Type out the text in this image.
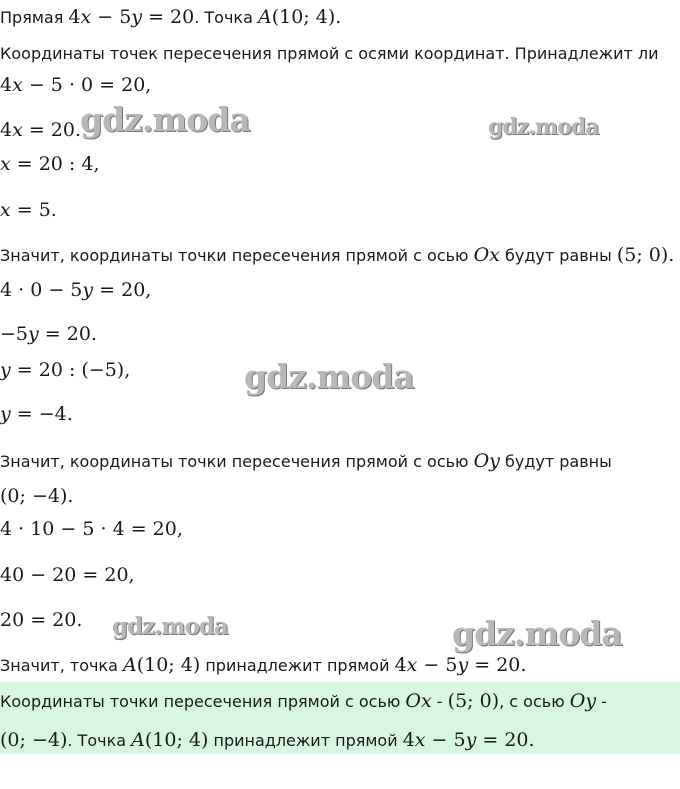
Прямая 4x − 5y = 20. Точка A(10; 4).
Координаты точек пересечения прямой с осями координат. Принадлежит ли
4x − 5 · 0 = 20,
4x = 20.
x = 20 : 4,
x = 5.
Значит, координаты точки пересечения прямой с осью Ox будут равны (5; 0).
4 · 0 − 5y = 20,
−5y = 20.
y = 20 : (−5),
y = −4.
Значит, координаты точки пересечения прямой с осью Oy будут равны
(0; −4).
4 · 10 − 5 · 4 = 20,
40 − 20 = 20,
20 = 20.
Значит, точка A(10; 4) принадлежит прямой 4x − 5y = 20.
Координаты точки пересечения прямой с осью Ox - (5; 0), с осью Oy -
(0; −4). Точка A(10; 4) принадлежит прямой 4x − 5y = 20.
gdz.moda	gdz.moda
gdz.moda
gdz.moda	gdz.moda
